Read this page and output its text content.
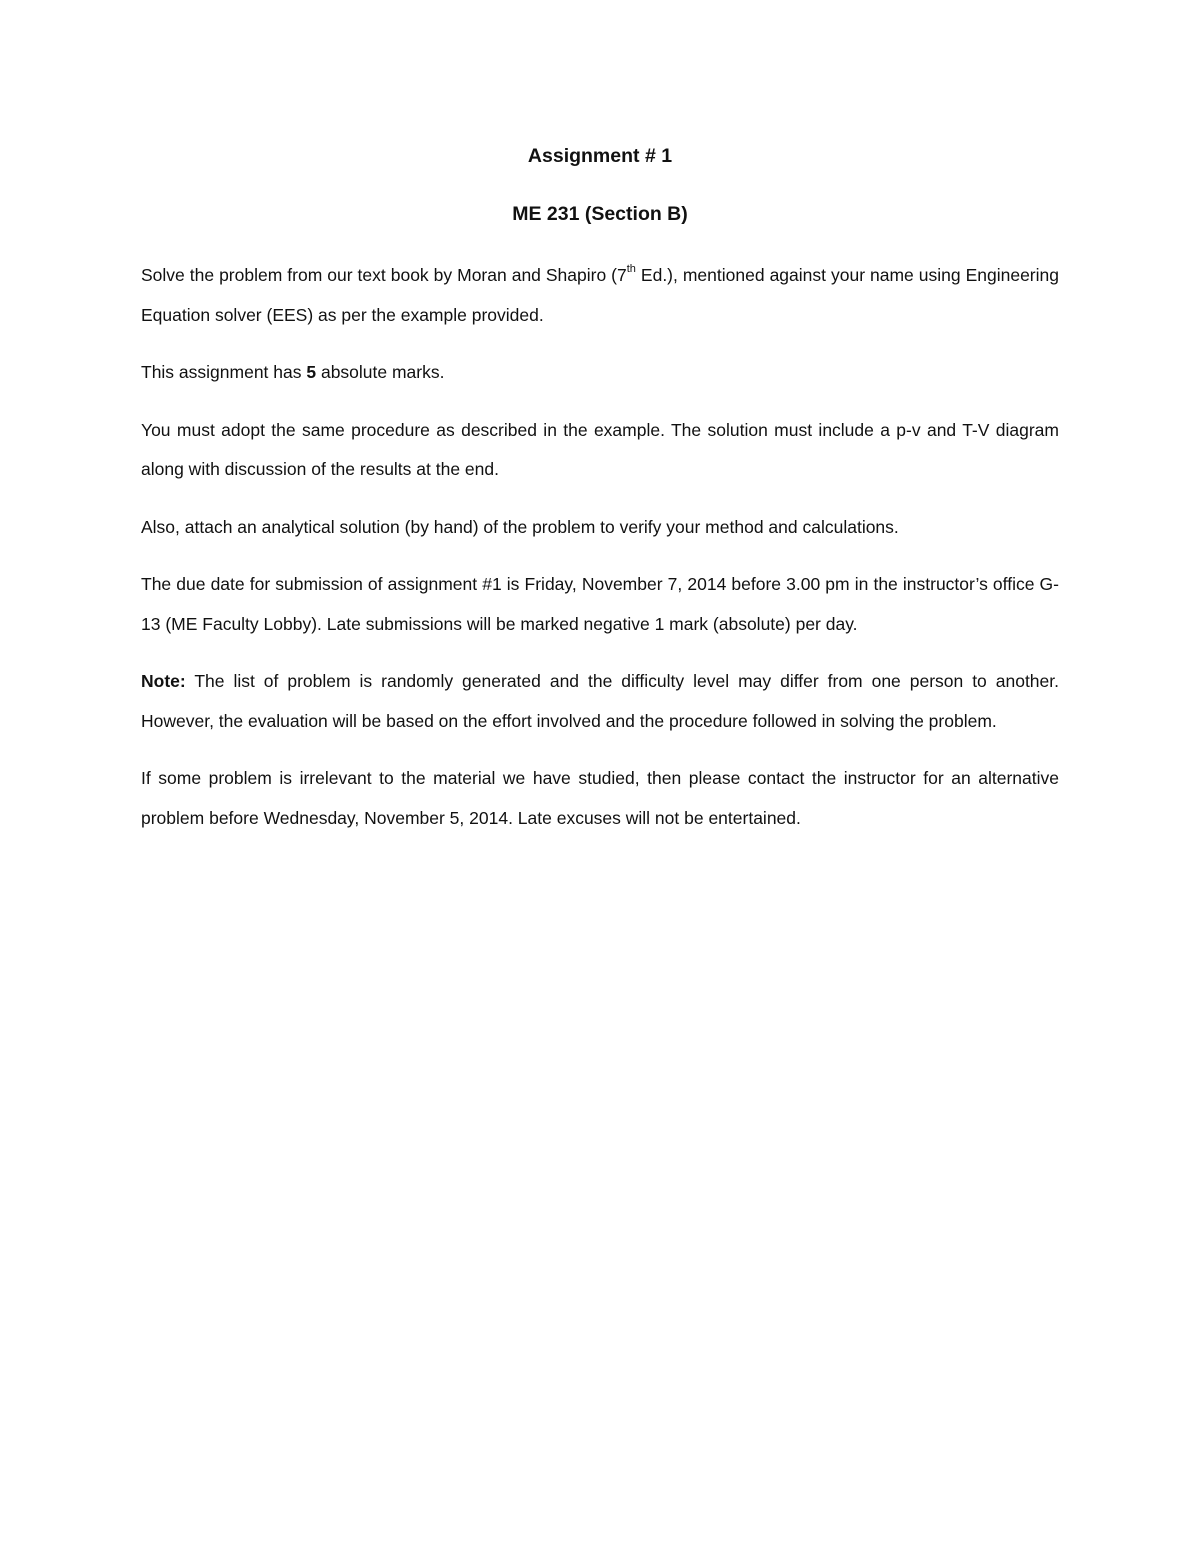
Assignment # 1
ME 231 (Section B)

Solve the problem from our text book by Moran and Shapiro (7th Ed.), mentioned against your name using Engineering Equation solver (EES) as per the example provided.

This assignment has 5 absolute marks.

You must adopt the same procedure as described in the example. The solution must include a p-v and T-V diagram along with discussion of the results at the end.

Also, attach an analytical solution (by hand) of the problem to verify your method and calculations.

The due date for submission of assignment #1 is Friday, November 7, 2014 before 3.00 pm in the instructor’s office G-13 (ME Faculty Lobby). Late submissions will be marked negative 1 mark (absolute) per day.

Note: The list of problem is randomly generated and the difficulty level may differ from one person to another. However, the evaluation will be based on the effort involved and the procedure followed in solving the problem.

If some problem is irrelevant to the material we have studied, then please contact the instructor for an alternative problem before Wednesday, November 5, 2014. Late excuses will not be entertained.
